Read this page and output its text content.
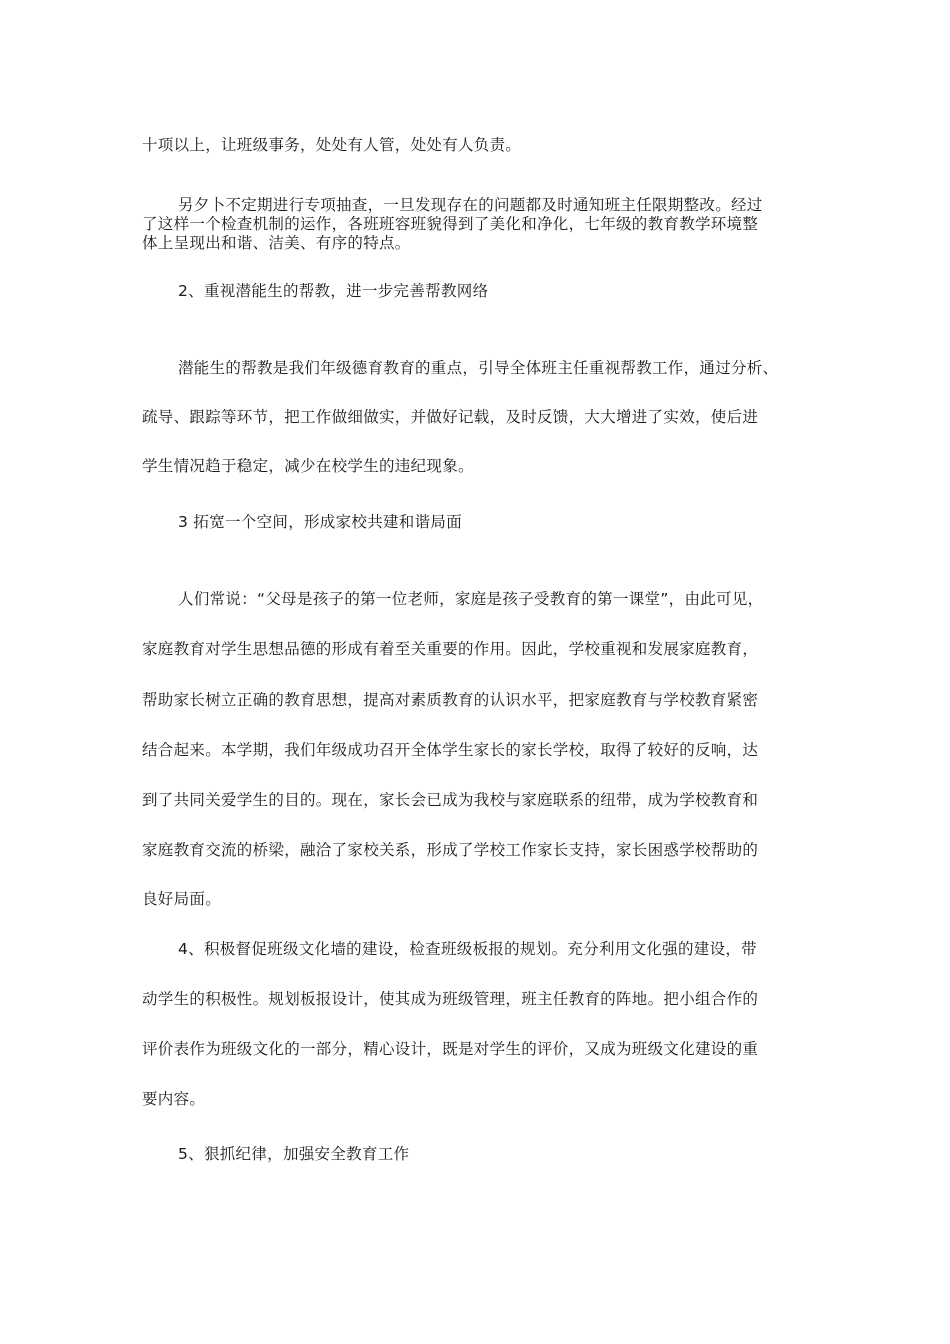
十项以上，让班级事务，处处有人管，处处有人负责。
另夕卜不定期进行专项抽查，一旦发现存在的问题都及时通知班主任限期整改。经过
了这样一个检查机制的运作，各班班容班貌得到了美化和净化，七年级的教育教学环境整
体上呈现出和谐、洁美、有序的特点。
2、重视潜能生的帮教，进一步完善帮教网络
潜能生的帮教是我们年级德育教育的重点，引导全体班主任重视帮教工作，通过分析、
疏导、跟踪等环节，把工作做细做实，并做好记载，及时反馈，大大增进了实效，使后进
学生情况趋于稳定，减少在校学生的违纪现象。
3 拓宽一个空间，形成家校共建和谐局面
人们常说：“父母是孩子的第一位老师，家庭是孩子受教育的第一课堂”，由此可见，
家庭教育对学生思想品德的形成有着至关重要的作用。因此，学校重视和发展家庭教育，
帮助家长树立正确的教育思想，提高对素质教育的认识水平，把家庭教育与学校教育紧密
结合起来。本学期，我们年级成功召开全体学生家长的家长学校，取得了较好的反响，达
到了共同关爱学生的目的。现在，家长会已成为我校与家庭联系的纽带，成为学校教育和
家庭教育交流的桥梁，融洽了家校关系，形成了学校工作家长支持，家长困惑学校帮助的
良好局面。
4、积极督促班级文化墙的建设，检查班级板报的规划。充分利用文化强的建设，带
动学生的积极性。规划板报设计，使其成为班级管理，班主任教育的阵地。把小组合作的
评价表作为班级文化的一部分，精心设计，既是对学生的评价，又成为班级文化建设的重
要内容。
5、狠抓纪律，加强安全教育工作
